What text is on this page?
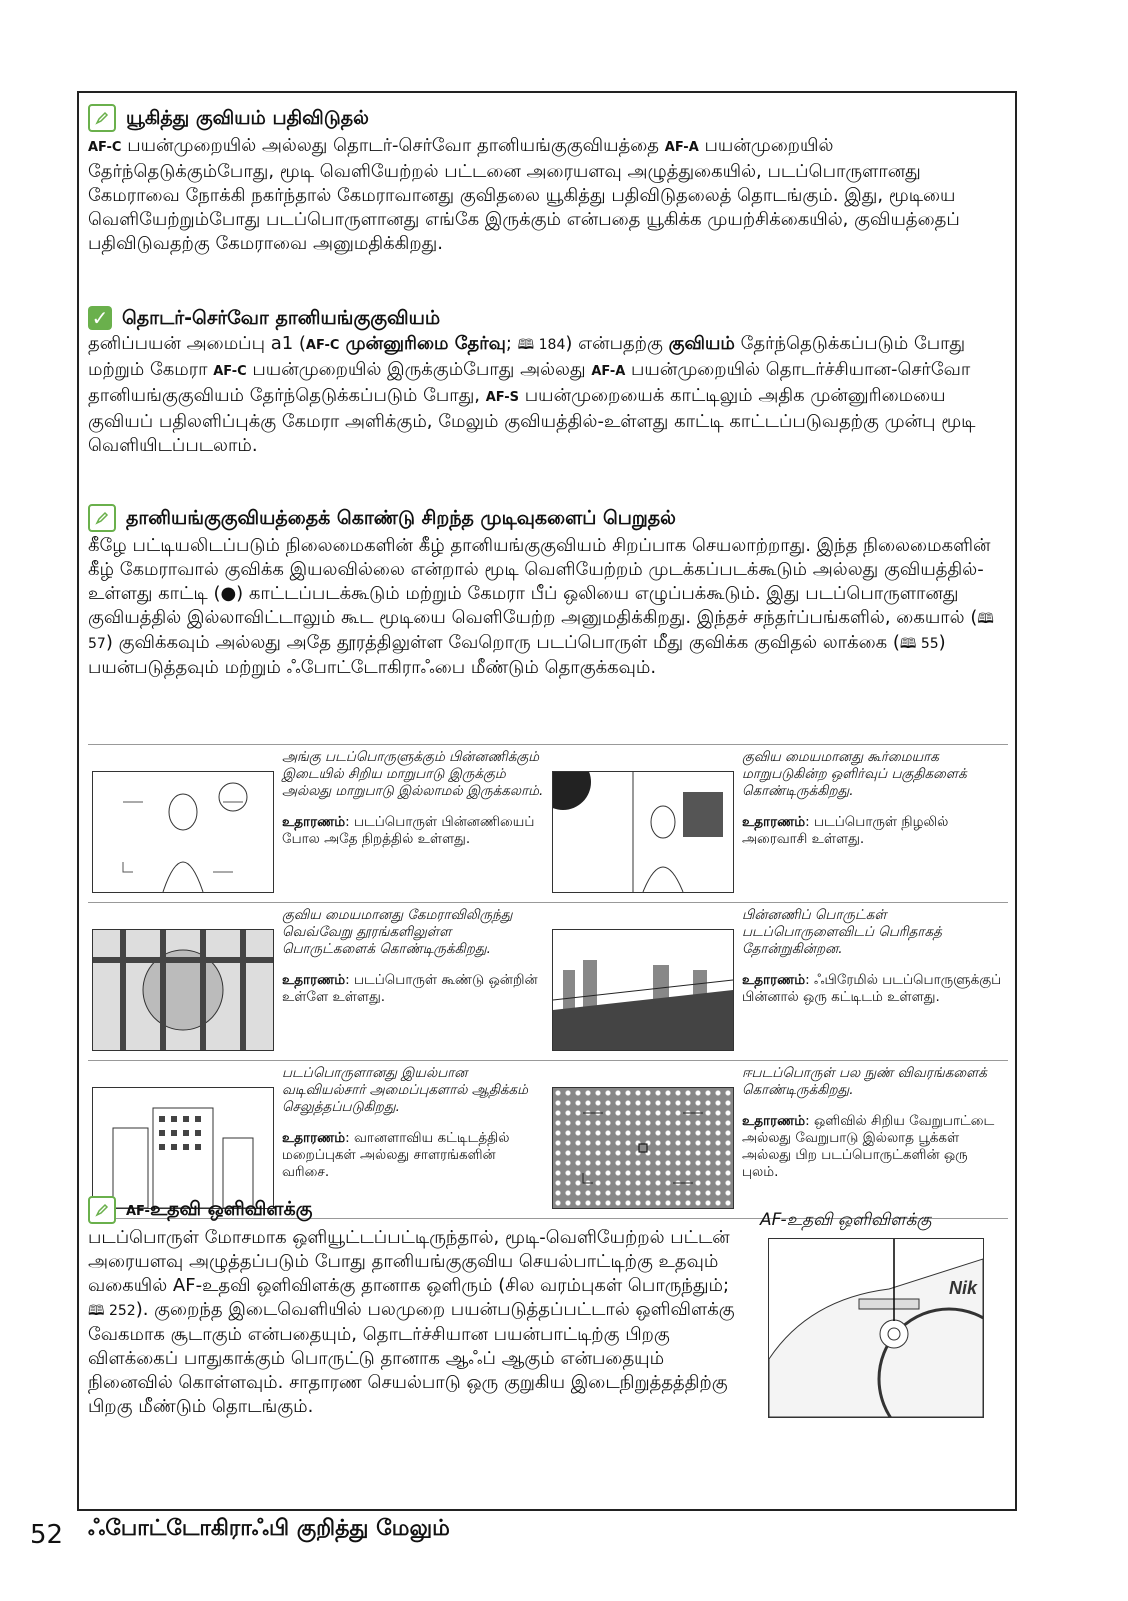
யூகித்து குவியம் பதிவிடுதல்
AF-C பயன்முறையில் அல்லது தொடர்-செர்வோ தானியங்குகுவியத்தை AF-A பயன்முறையில் தேர்ந்தெடுக்கும்போது, மூடி வெளியேற்றல் பட்டனை அரையளவு அழுத்துகையில், படப்பொருளானது கேமராவை நோக்கி நகர்ந்தால் கேமராவானது குவிதலை யூகித்து பதிவிடுதலைத் தொடங்கும். இது, மூடியை வெளியேற்றும்போது படப்பொருளானது எங்கே இருக்கும் என்பதை யூகிக்க முயற்சிக்கையில், குவியத்தைப் பதிவிடுவதற்கு கேமராவை அனுமதிக்கிறது.
✓ தொடர்-செர்வோ தானியங்குகுவியம்
தனிப்பயன் அமைப்பு a1 (AF-C முன்னுரிமை தேர்வு; 🕮 184) என்பதற்கு குவியம் தேர்ந்தெடுக்கப்படும் போது மற்றும் கேமரா AF-C பயன்முறையில் இருக்கும்போது அல்லது AF-A பயன்முறையில் தொடர்ச்சியான-செர்வோ தானியங்குகுவியம் தேர்ந்தெடுக்கப்படும் போது, AF-S பயன்முறையைக் காட்டிலும் அதிக முன்னுரிமையை குவியப் பதிலளிப்புக்கு கேமரா அளிக்கும், மேலும் குவியத்தில்-உள்ளது காட்டி காட்டப்படுவதற்கு முன்பு மூடி வெளியிடப்படலாம்.
தானியங்குகுவியத்தைக் கொண்டு சிறந்த முடிவுகளைப் பெறுதல்
கீழே பட்டியலிடப்படும் நிலைமைகளின் கீழ் தானியங்குகுவியம் சிறப்பாக செயலாற்றாது. இந்த நிலைமைகளின் கீழ் கேமராவால் குவிக்க இயலவில்லை என்றால் மூடி வெளியேற்றம் முடக்கப்படக்கூடும் அல்லது குவியத்தில்-உள்ளது காட்டி (●) காட்டப்படக்கூடும் மற்றும் கேமரா பீப் ஒலியை எழுப்பக்கூடும். இது படப்பொருளானது குவியத்தில் இல்லாவிட்டாலும் கூட மூடியை வெளியேற்ற அனுமதிக்கிறது. இந்தச் சந்தர்ப்பங்களில், கையால் (🕮 57) குவிக்கவும் அல்லது அதே தூரத்திலுள்ள வேறொரு படப்பொருள் மீது குவிக்க குவிதல் லாக்கை (🕮 55) பயன்படுத்தவும் மற்றும் ஃபோட்டோகிராஃபை மீண்டும் தொகுக்கவும்.
அங்கு படப்பொருளுக்கும் பின்னணிக்கும் இடையில் சிறிய மாறுபாடு இருக்கும் அல்லது மாறுபாடு இல்லாமல் இருக்கலாம்.
உதாரணம்: படப்பொருள் பின்னணியைப் போல அதே நிறத்தில் உள்ளது.
குவிய மையமானது கூர்மையாக மாறுபடுகின்ற ஒளிர்வுப் பகுதிகளைக் கொண்டிருக்கிறது.
உதாரணம்: படப்பொருள் நிழலில் அரைவாசி உள்ளது.
குவிய மையமானது கேமராவிலிருந்து வெவ்வேறு தூரங்களிலுள்ள பொருட்களைக் கொண்டிருக்கிறது.
உதாரணம்: படப்பொருள் கூண்டு ஒன்றின் உள்ளே உள்ளது.
பின்னணிப் பொருட்கள் படப்பொருளைவிடப் பெரிதாகத் தோன்றுகின்றன.
உதாரணம்: ஃபிரேமில் படப்பொருளுக்குப் பின்னால் ஒரு கட்டிடம் உள்ளது.
படப்பொருளானது இயல்பான வடிவியல்சார் அமைப்புகளால் ஆதிக்கம் செலுத்தப்படுகிறது.
உதாரணம்: வானளாவிய கட்டிடத்தில் மறைப்புகள் அல்லது சாளரங்களின் வரிசை.
ஈபடப்பொருள் பல நுண் விவரங்களைக் கொண்டிருக்கிறது.
உதாரணம்: ஒளிவில் சிறிய வேறுபாட்டை அல்லது வேறுபாடு இல்லாத பூக்கள் அல்லது பிற படப்பொருட்களின் ஒரு புலம்.
AF-உதவி ஒளிவிளக்கு
படப்பொருள் மோசமாக ஒளியூட்டப்பட்டிருந்தால், மூடி-வெளியேற்றல் பட்டன் அரையளவு அழுத்தப்படும் போது தானியங்குகுவிய செயல்பாட்டிற்கு உதவும் வகையில் AF-உதவி ஒளிவிளக்கு தானாக ஒளிரும் (சில வரம்புகள் பொருந்தும்; 🕮 252). குறைந்த இடைவெளியில் பலமுறை பயன்படுத்தப்பட்டால் ஒளிவிளக்கு வேகமாக சூடாகும் என்பதையும், தொடர்ச்சியான பயன்பாட்டிற்கு பிறகு விளக்கைப் பாதுகாக்கும் பொருட்டு தானாக ஆஃப் ஆகும் என்பதையும் நினைவில் கொள்ளவும். சாதாரண செயல்பாடு ஒரு குறுகிய இடைநிறுத்தத்திற்கு பிறகு மீண்டும் தொடங்கும்.
AF-உதவி ஒளிவிளக்கு
Nik
52 ஃபோட்டோகிராஃபி குறித்து மேலும்
